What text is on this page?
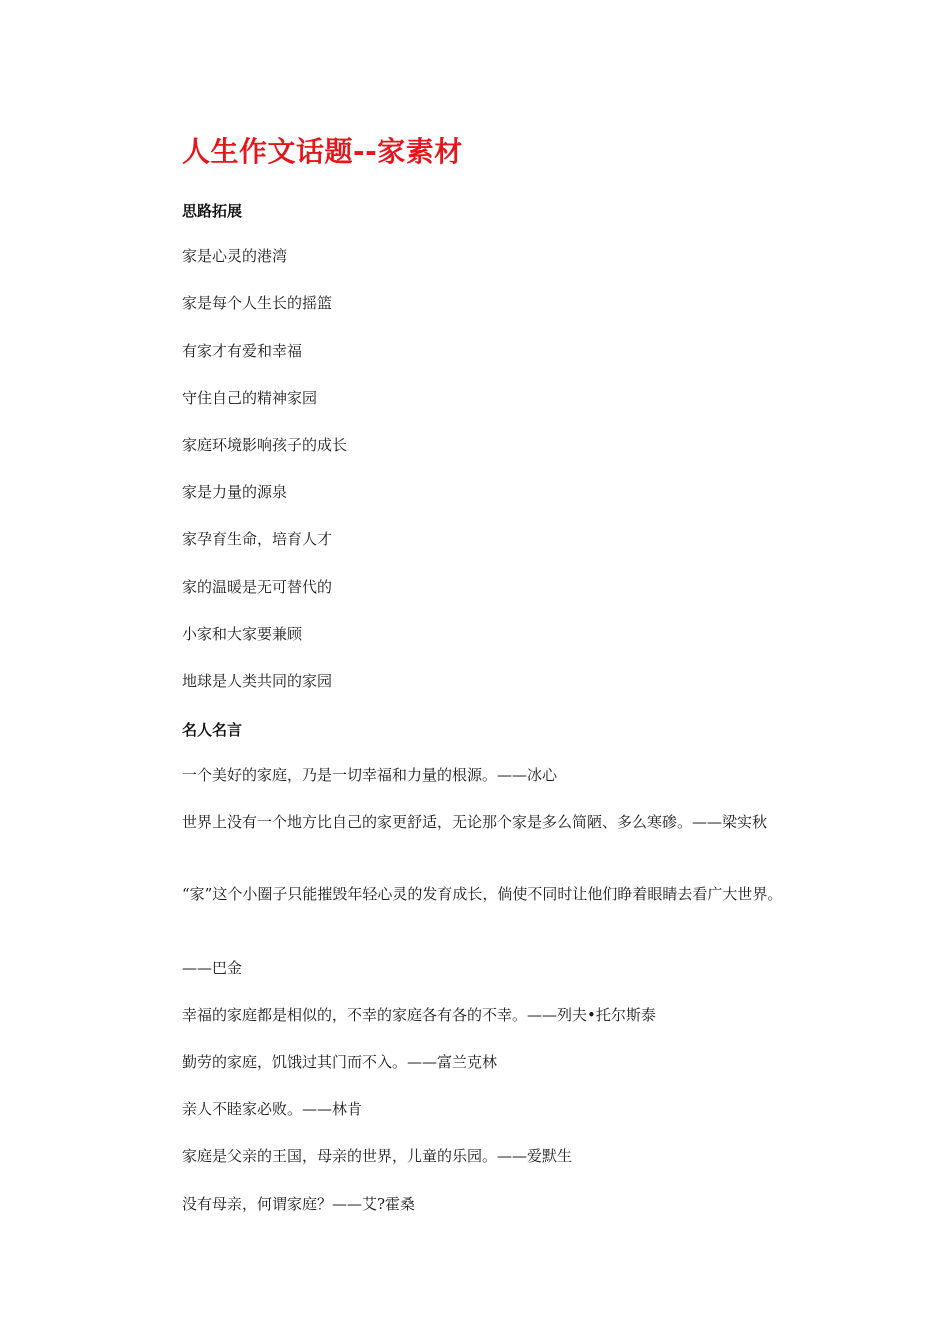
人生作文话题--家素材
思路拓展
家是心灵的港湾
家是每个人生长的摇篮
有家才有爱和幸福
守住自己的精神家园
家庭环境影响孩子的成长
家是力量的源泉
家孕育生命，培育人才
家的温暖是无可替代的
小家和大家要兼顾
地球是人类共同的家园
名人名言
一个美好的家庭，乃是一切幸福和力量的根源。——冰心
世界上没有一个地方比自己的家更舒适，无论那个家是多么简陋、多么寒碜。——梁实秋
“家”这个小圈子只能摧毁年轻心灵的发育成长，倘使不同时让他们睁着眼睛去看广大世界。
——巴金
幸福的家庭都是相似的，不幸的家庭各有各的不幸。——列夫•托尔斯泰
勤劳的家庭，饥饿过其门而不入。——富兰克林
亲人不睦家必败。——林肯
家庭是父亲的王国，母亲的世界，儿童的乐园。——爱默生
没有母亲，何谓家庭？——艾?霍桑
